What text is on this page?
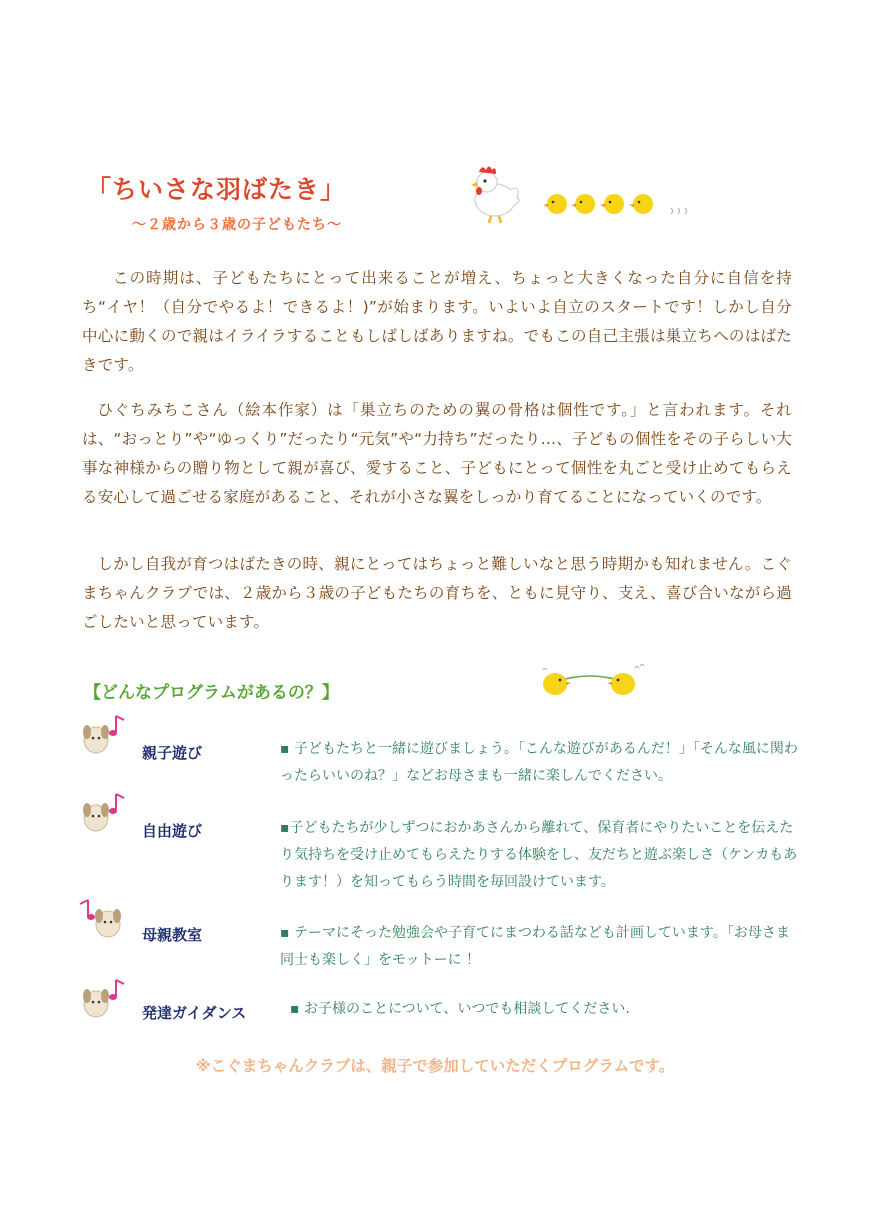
「ちいさな羽ばたき」
～２歳から３歳の子どもたち～

この時期は、子どもたちにとって出来ることが増え、ちょっと大きくなった自分に自信を持ち“イヤ！（自分でやるよ！できるよ！)”が始まります。いよいよ自立のスタートです！しかし自分中心に動くので親はイライラすることもしばしばありますね。でもこの自己主張は巣立ちへのはばたきです。

ひぐちみちこさん（絵本作家）は「巣立ちのための翼の骨格は個性です。」と言われます。それは、“おっとり”や“ゆっくり”だったり“元気”や“力持ち”だったり…、子どもの個性をその子らしい大事な神様からの贈り物として親が喜び、愛すること、子どもにとって個性を丸ごと受け止めてもらえる安心して過ごせる家庭があること、それが小さな翼をしっかり育てることになっていくのです。

しかし自我が育つはばたきの時、親にとってはちょっと難しいなと思う時期かも知れません。こぐまちゃんクラブでは、２歳から３歳の子どもたちの育ちを、ともに見守り、支え、喜び合いながら過ごしたいと思っています。

【どんなプログラムがあるの？】
親子遊び	▪ 子どもたちと一緒に遊びましょう。「こんな遊びがあるんだ！」「そんな風に関わったらいいのね？」などお母さまも一緒に楽しんでください。

自由遊び	▪子どもたちが少しずつにおかあさんから離れて、保育者にやりたいことを伝えたり気持ちを受け止めてもらえたりする体験をし、友だちと遊ぶ楽しさ（ケンカもあります！）を知ってもらう時間を毎回設けています。

母親教室	▪ テーマにそった勉強会や子育てにまつわる話なども計画しています。「お母さま同士も楽しく」をモットーに ！

発達ガイダンス	▪ お子様のことについて、いつでも相談してください.

※こぐまちゃんクラブは、親子で参加していただくプログラムです。
